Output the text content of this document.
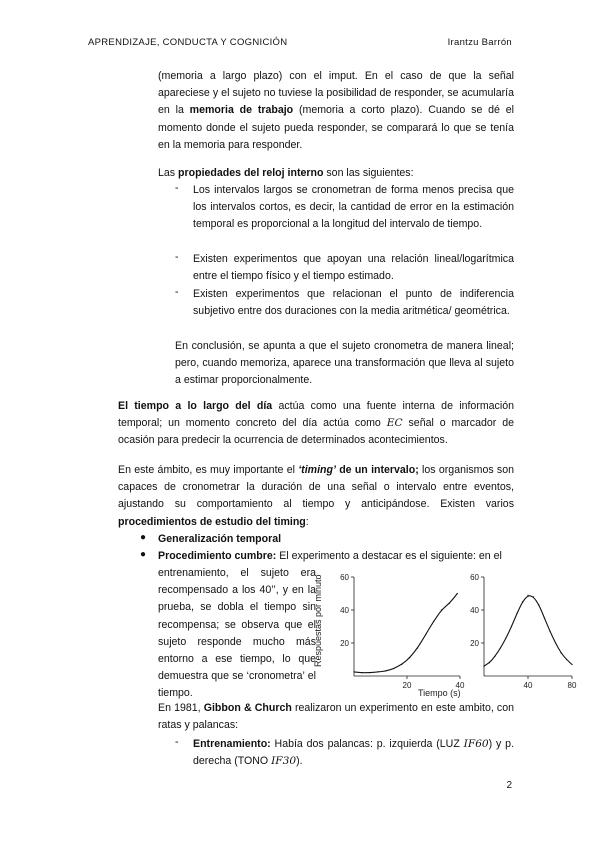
APRENDIZAJE, CONDUCTA Y COGNICIÓN	Irantzu Barrón

(memoria a largo plazo) con el imput. En el caso de que la señal apareciese y el sujeto no tuviese la posibilidad de responder, se acumularía en la memoria de trabajo (memoria a corto plazo). Cuando se dé el momento donde el sujeto pueda responder, se comparará lo que se tenía en la memoria para responder.

Las propiedades del reloj interno son las siguientes:

- Los intervalos largos se cronometran de forma menos precisa que los intervalos cortos, es decir, la cantidad de error en la estimación temporal es proporcional a la longitud del intervalo de tiempo.

- Existen experimentos que apoyan una relación lineal/logarítmica entre el tiempo físico y el tiempo estimado.

- Existen experimentos que relacionan el punto de indiferencia subjetivo entre dos duraciones con la media aritmética/ geométrica.

En conclusión, se apunta a que el sujeto cronometra de manera lineal; pero, cuando memoriza, aparece una transformación que lleva al sujeto a estimar proporcionalmente.

El tiempo a lo largo del día actúa como una fuente interna de información temporal; un momento concreto del día actúa como EC señal o marcador de ocasión para predecir la ocurrencia de determinados acontecimientos.

En este ámbito, es muy importante el ‘timing’ de un intervalo; los organismos son capaces de cronometrar la duración de una señal o intervalo entre eventos, ajustando su comportamiento al tiempo y anticipándose. Existen varios procedimientos de estudio del timing:

● Generalización temporal

● Procedimiento cumbre: El experimento a destacar es el siguiente: en el

entrenamiento, el sujeto era recompensado a los 40’’, y en la prueba, se dobla el tiempo sin recompensa; se observa que el sujeto responde mucho más entorno a ese tiempo, lo que demuestra que se ‘cronometra’ el tiempo.

Respuestas por minuto 20
40
60
20	40
Tiempo (s)
20
40
60
40	80

En 1981, Gibbon & Church realizaron un experimento en este ambito, con ratas y palancas:

- Entrenamiento: Había dos palancas: p. izquierda (LUZ IF60) y p. derecha (TONO IF30).

2
